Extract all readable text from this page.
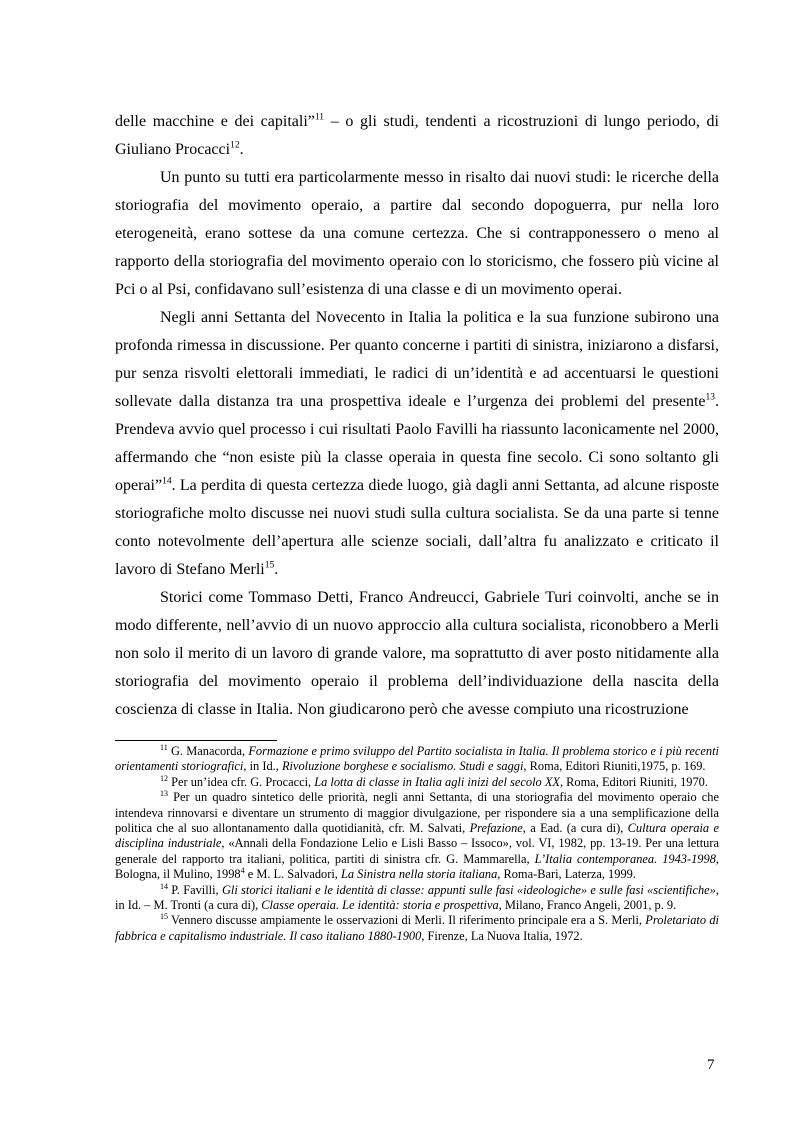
delle macchine e dei capitali”$^{11}$ – o gli studi, tendenti a ricostruzioni di lungo periodo, di Giuliano Procacci$^{12}$.

Un punto su tutti era particolarmente messo in risalto dai nuovi studi: le ricerche della storiografia del movimento operaio, a partire dal secondo dopoguerra, pur nella loro eterogeneità, erano sottese da una comune certezza. Che si contrapponessero o meno al rapporto della storiografia del movimento operaio con lo storicismo, che fossero più vicine al Pci o al Psi, confidavano sull’esistenza di una classe e di un movimento operai.

Negli anni Settanta del Novecento in Italia la politica e la sua funzione subirono una profonda rimessa in discussione. Per quanto concerne i partiti di sinistra, iniziarono a disfarsi, pur senza risvolti elettorali immediati, le radici di un’identità e ad accentuarsi le questioni sollevate dalla distanza tra una prospettiva ideale e l’urgenza dei problemi del presente$^{13}$. Prendeva avvio quel processo i cui risultati Paolo Favilli ha riassunto laconicamente nel 2000, affermando che “non esiste più la classe operaia in questa fine secolo. Ci sono soltanto gli operai”$^{14}$. La perdita di questa certezza diede luogo, già dagli anni Settanta, ad alcune risposte storiografiche molto discusse nei nuovi studi sulla cultura socialista. Se da una parte si tenne conto notevolmente dell’apertura alle scienze sociali, dall’altra fu analizzato e criticato il lavoro di Stefano Merli$^{15}$.

Storici come Tommaso Detti, Franco Andreucci, Gabriele Turi coinvolti, anche se in modo differente, nell’avvio di un nuovo approccio alla cultura socialista, riconobbero a Merli non solo il merito di un lavoro di grande valore, ma soprattutto di aver posto nitidamente alla storiografia del movimento operaio il problema dell’individuazione della nascita della coscienza di classe in Italia. Non giudicarono però che avesse compiuto una ricostruzione

$^{11}$ G. Manacorda, Formazione e primo sviluppo del Partito socialista in Italia. Il problema storico e i più recenti orientamenti storiografici, in Id., Rivoluzione borghese e socialismo. Studi e saggi, Roma, Editori Riuniti,1975, p. 169.

$^{12}$ Per un’idea cfr. G. Procacci, La lotta di classe in Italia agli inizi del secolo XX, Roma, Editori Riuniti, 1970.

$^{13}$ Per un quadro sintetico delle priorità, negli anni Settanta, di una storiografia del movimento operaio che intendeva rinnovarsi e diventare un strumento di maggior divulgazione, per rispondere sia a una semplificazione della politica che al suo allontanamento dalla quotidianità, cfr. M. Salvati, Prefazione, a Ead. (a cura di), Cultura operaia e disciplina industriale, «Annali della Fondazione Lelio e Lisli Basso – Issoco», vol. VI, 1982, pp. 13-19. Per una lettura generale del rapporto tra italiani, politica, partiti di sinistra cfr. G. Mammarella, L’Italia contemporanea. 1943-1998, Bologna, il Mulino, 1998$^4$ e M. L. Salvadori, La Sinistra nella storia italiana, Roma-Bari, Laterza, 1999.

$^{14}$ P. Favilli, Gli storici italiani e le identità di classe: appunti sulle fasi «ideologiche» e sulle fasi «scientifiche», in Id. – M. Tronti (a cura di), Classe operaia. Le identità: storia e prospettiva, Milano, Franco Angeli, 2001, p. 9.

$^{15}$ Vennero discusse ampiamente le osservazioni di Merli. Il riferimento principale era a S. Merli, Proletariato di fabbrica e capitalismo industriale. Il caso italiano 1880-1900, Firenze, La Nuova Italia, 1972.

7
